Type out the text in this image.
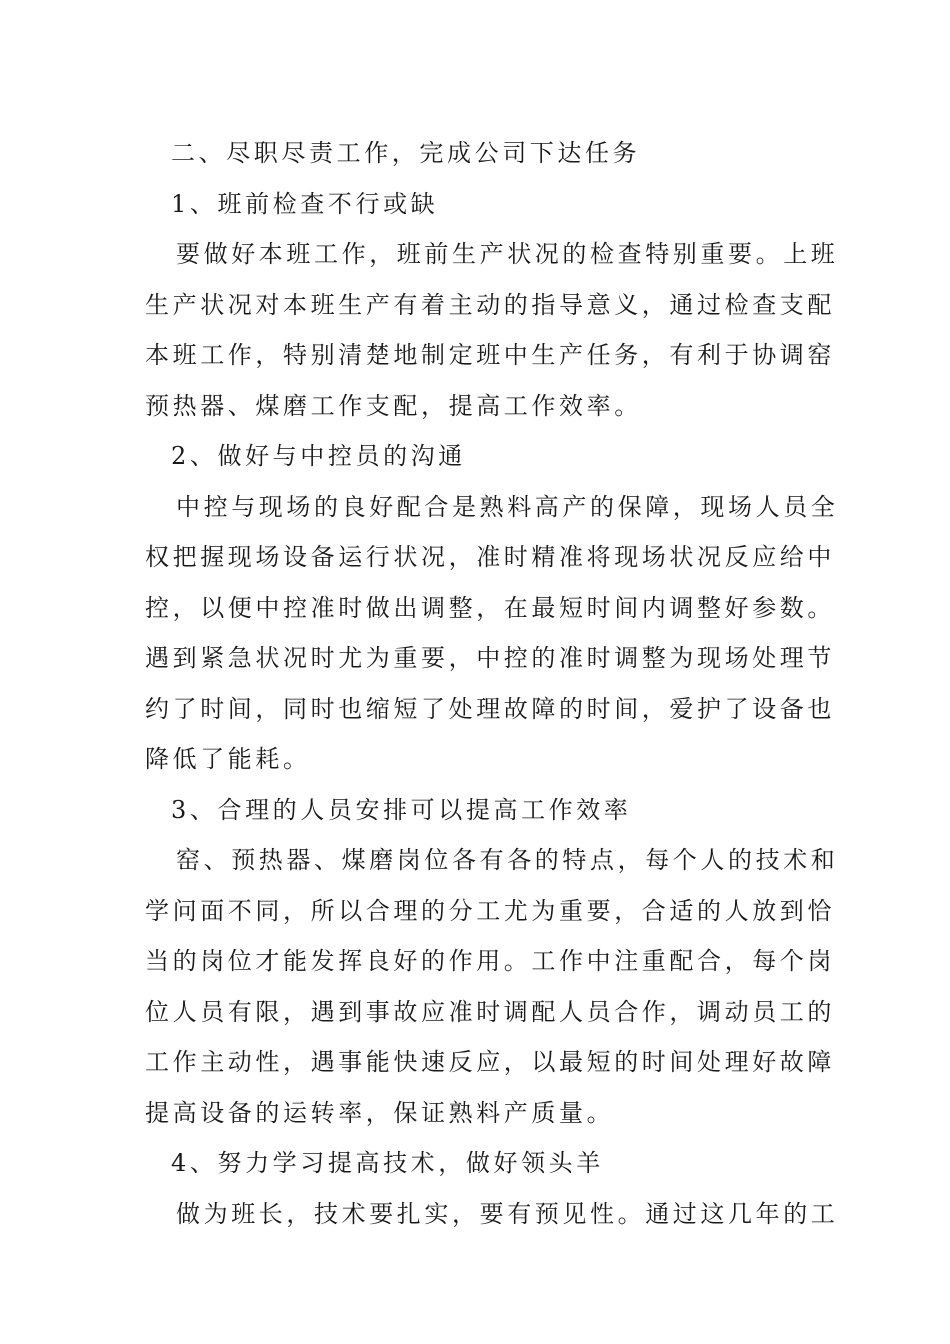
二、尽职尽责工作，完成公司下达任务
1、班前检查不行或缺
要做好本班工作，班前生产状况的检查特别重要。上班
生产状况对本班生产有着主动的指导意义，通过检查支配
本班工作，特别清楚地制定班中生产任务，有利于协调窑
预热器、煤磨工作支配，提高工作效率。
2、做好与中控员的沟通
中控与现场的良好配合是熟料高产的保障，现场人员全
权把握现场设备运行状况，准时精准将现场状况反应给中
控，以便中控准时做出调整，在最短时间内调整好参数。
遇到紧急状况时尤为重要，中控的准时调整为现场处理节
约了时间，同时也缩短了处理故障的时间，爱护了设备也
降低了能耗。
3、合理的人员安排可以提高工作效率
窑、预热器、煤磨岗位各有各的特点，每个人的技术和
学问面不同，所以合理的分工尤为重要，合适的人放到恰
当的岗位才能发挥良好的作用。工作中注重配合，每个岗
位人员有限，遇到事故应准时调配人员合作，调动员工的
工作主动性，遇事能快速反应，以最短的时间处理好故障
提高设备的运转率，保证熟料产质量。
4、努力学习提高技术，做好领头羊
做为班长，技术要扎实，要有预见性。通过这几年的工
